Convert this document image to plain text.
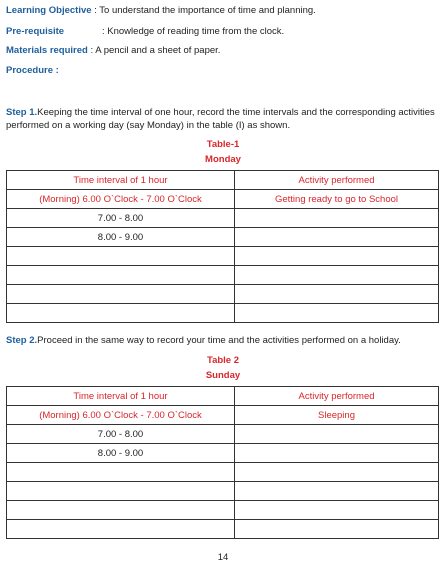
Learning Objective : To understand the importance of time and planning.
Pre-requisite	: Knowledge of reading time from the clock.
Materials required : A pencil and a sheet of paper.
Procedure :
Step 1.Keeping the time interval of one hour, record the time intervals and the corresponding activities performed on a working day (say Monday) in the table (I) as shown.
Table-1
Monday
Time interval of 1 hour	Activity performed
(Morning) 6.00 O`Clock - 7.00 O`Clock	Getting ready to go to School
7.00 - 8.00	
8.00 - 9.00	

Step 2.Proceed in the same way to record your time and the activities performed on a holiday.
Table 2
Sunday
Time interval of 1 hour	Activity performed
(Morning) 6.00 O`Clock - 7.00 O`Clock	Sleeping
7.00 - 8.00	
8.00 - 9.00	

14
